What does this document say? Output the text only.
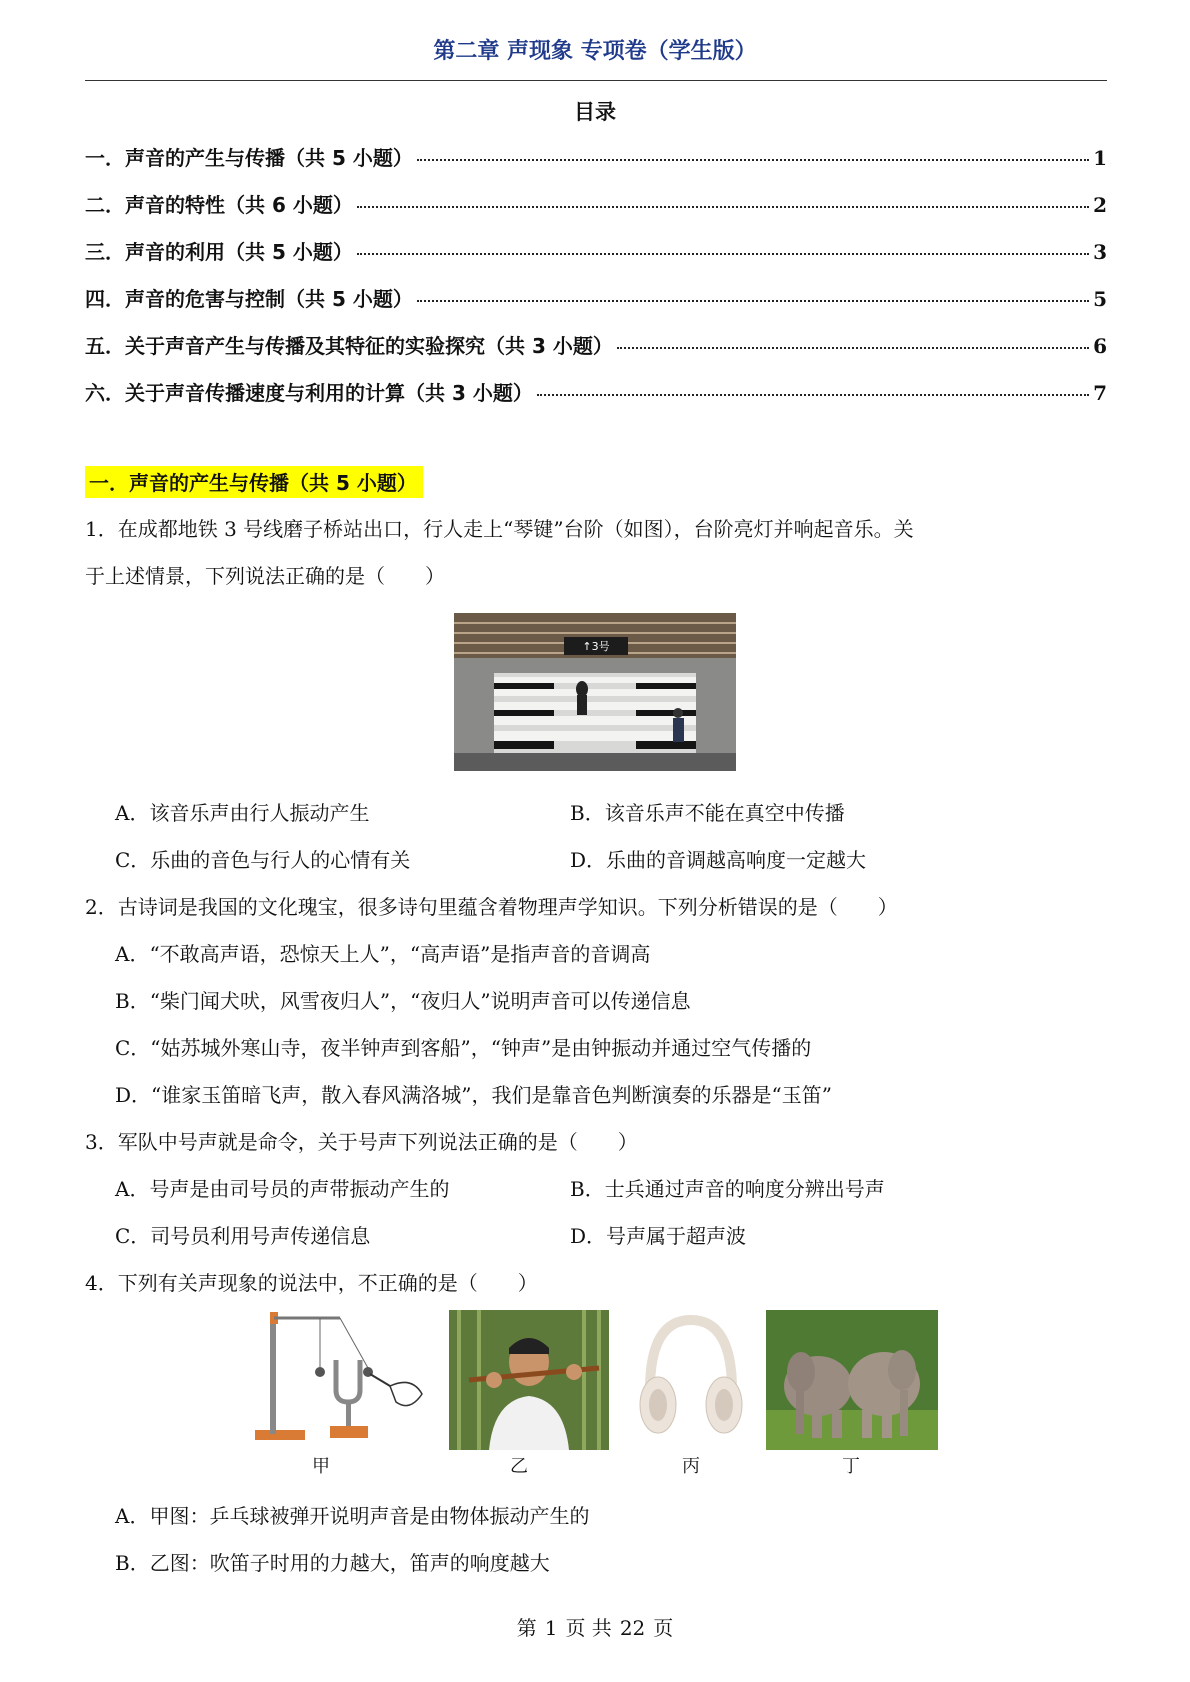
第二章 声现象 专项卷（学生版）
目录
一．声音的产生与传播（共 5 小题）	1
二．声音的特性（共 6 小题）	2
三．声音的利用（共 5 小题）	3
四．声音的危害与控制（共 5 小题）	5
五．关于声音产生与传播及其特征的实验探究（共 3 小题）	6
六．关于声音传播速度与利用的计算（共 3 小题）	7
一．声音的产生与传播（共 5 小题）
1．在成都地铁 3 号线磨子桥站出口，行人走上“琴键”台阶（如图），台阶亮灯并响起音乐。关
于上述情景，下列说法正确的是（　　）
↑3号
A．该音乐声由行人振动产生	B．该音乐声不能在真空中传播
C．乐曲的音色与行人的心情有关	D．乐曲的音调越高响度一定越大
2．古诗词是我国的文化瑰宝，很多诗句里蕴含着物理声学知识。下列分析错误的是（　　）
A．“不敢高声语，恐惊天上人”，“高声语”是指声音的音调高
B．“柴门闻犬吠，风雪夜归人”，“夜归人”说明声音可以传递信息
C．“姑苏城外寒山寺，夜半钟声到客船”，“钟声”是由钟振动并通过空气传播的
D．“谁家玉笛暗飞声，散入春风满洛城”，我们是靠音色判断演奏的乐器是“玉笛”
3．军队中号声就是命令，关于号声下列说法正确的是（　　）
A．号声是由司号员的声带振动产生的	B．士兵通过声音的响度分辨出号声
C．司号员利用号声传递信息	D．号声属于超声波
4．下列有关声现象的说法中，不正确的是（　　）
甲	乙	丙	丁
A．甲图：乒乓球被弹开说明声音是由物体振动产生的
B．乙图：吹笛子时用的力越大，笛声的响度越大
第 1 页 共 22 页
